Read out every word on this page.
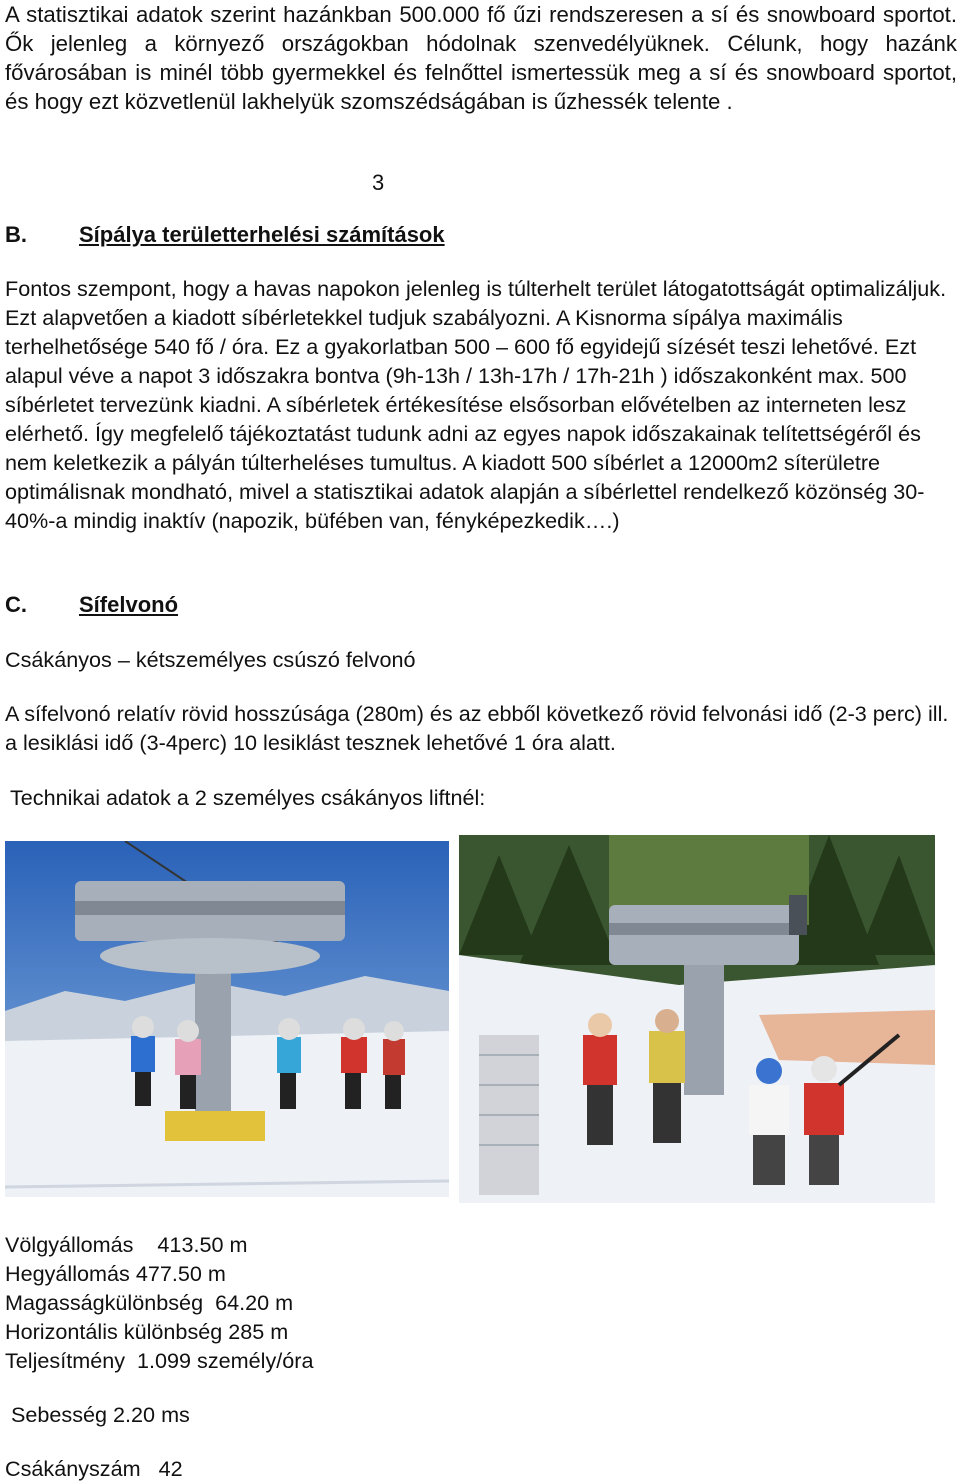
A statisztikai adatok szerint hazánkban 500.000 fő űzi rendszeresen a sí és snowboard sportot. Ők jelenleg a környező országokban hódolnak szenvedélyüknek. Célunk, hogy hazánk fővárosában is minél több gyermekkel és felnőttel ismertessük meg a sí és snowboard sportot, és hogy ezt közvetlenül lakhelyük szomszédságában is űzhessék telente .
3
B. Sípálya területterhelési számítások
Fontos szempont, hogy a havas napokon jelenleg is túlterhelt terület látogatottságát optimalizáljuk. Ezt alapvetően a kiadott síbérletekkel tudjuk szabályozni. A Kisnorma sípálya maximális terhelhetősége 540 fő / óra. Ez a gyakorlatban 500 – 600 fő egyidejű sízését teszi lehetővé. Ezt alapul véve a napot 3 időszakra bontva (9h-13h / 13h-17h / 17h-21h ) időszakonként max. 500 síbérletet tervezünk kiadni. A síbérletek értékesítése elsősorban elővételben az interneten lesz elérhető. Így megfelelő tájékoztatást tudunk adni az egyes napok időszakainak telítettségéről és nem keletkezik a pályán túlterheléses tumultus. A kiadott 500 síbérlet a 12000m2 síterületre optimálisnak mondható, mivel a statisztikai adatok alapján a síbérlettel rendelkező közönség 30-40%-a mindig inaktív (napozik, büfében van, fényképezkedik….)
C. Sífelvonó
Csákányos – kétszemélyes csúszó felvonó
A sífelvonó relatív rövid hosszúsága (280m) és az ebből következő rövid felvonási idő (2-3 perc) ill. a lesiklási idő (3-4perc) 10 lesiklást tesznek lehetővé 1 óra alatt.
Technikai adatok a 2 személyes csákányos liftnél:
Völgyállomás    413.50 m
Hegyállomás 477.50 m
Magasságkülönbség  64.20 m
Horizontális különbség 285 m
Teljesítmény  1.099 személy/óra
Sebesség 2.20 ms
Csákányszám   42
